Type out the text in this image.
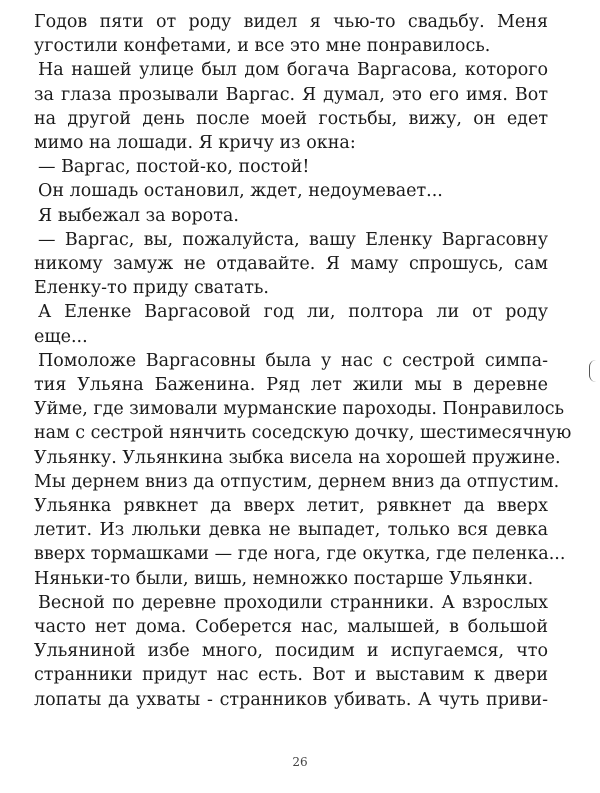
Годов пяти от роду видел я чью-то свадьбу. Меня
угостили конфетами, и все это мне понравилось.
На нашей улице был дом богача Варгасова, которого
за глаза прозывали Варгас. Я думал, это его имя. Вот
на другой день после моей гостьбы, вижу, он едет
мимо на лошади. Я кричу из окна:
— Варгас, постой-ко, постой!
Он лошадь остановил, ждет, недоумевает...
Я выбежал за ворота.
— Варгас, вы, пожалуйста, вашу Еленку Варгасовну
никому замуж не отдавайте. Я маму спрошусь, сам
Еленку-то приду сватать.
А Еленке Варгасовой год ли, полтора ли от роду
еще...
Помоложе Варгасовны была у нас с сестрой симпа-
тия Ульяна Баженина. Ряд лет жили мы в деревне
Уйме, где зимовали мурманские пароходы. Понравилось
нам с сестрой нянчить соседскую дочку, шестимесячную
Ульянку. Ульянкина зыбка висела на хорошей пружине.
Мы дернем вниз да отпустим, дернем вниз да отпустим.
Ульянка рявкнет да вверх летит, рявкнет да вверх
летит. Из люльки девка не выпадет, только вся девка
вверх тормашками — где нога, где окутка, где пеленка...
Няньки-то были, вишь, немножко постарше Ульянки.
Весной по деревне проходили странники. А взрослых
часто нет дома. Соберется нас, малышей, в большой
Ульяниной избе много, посидим и испугаемся, что
странники придут нас есть. Вот и выставим к двери
лопаты да ухваты - странников убивать. А чуть приви-
26
